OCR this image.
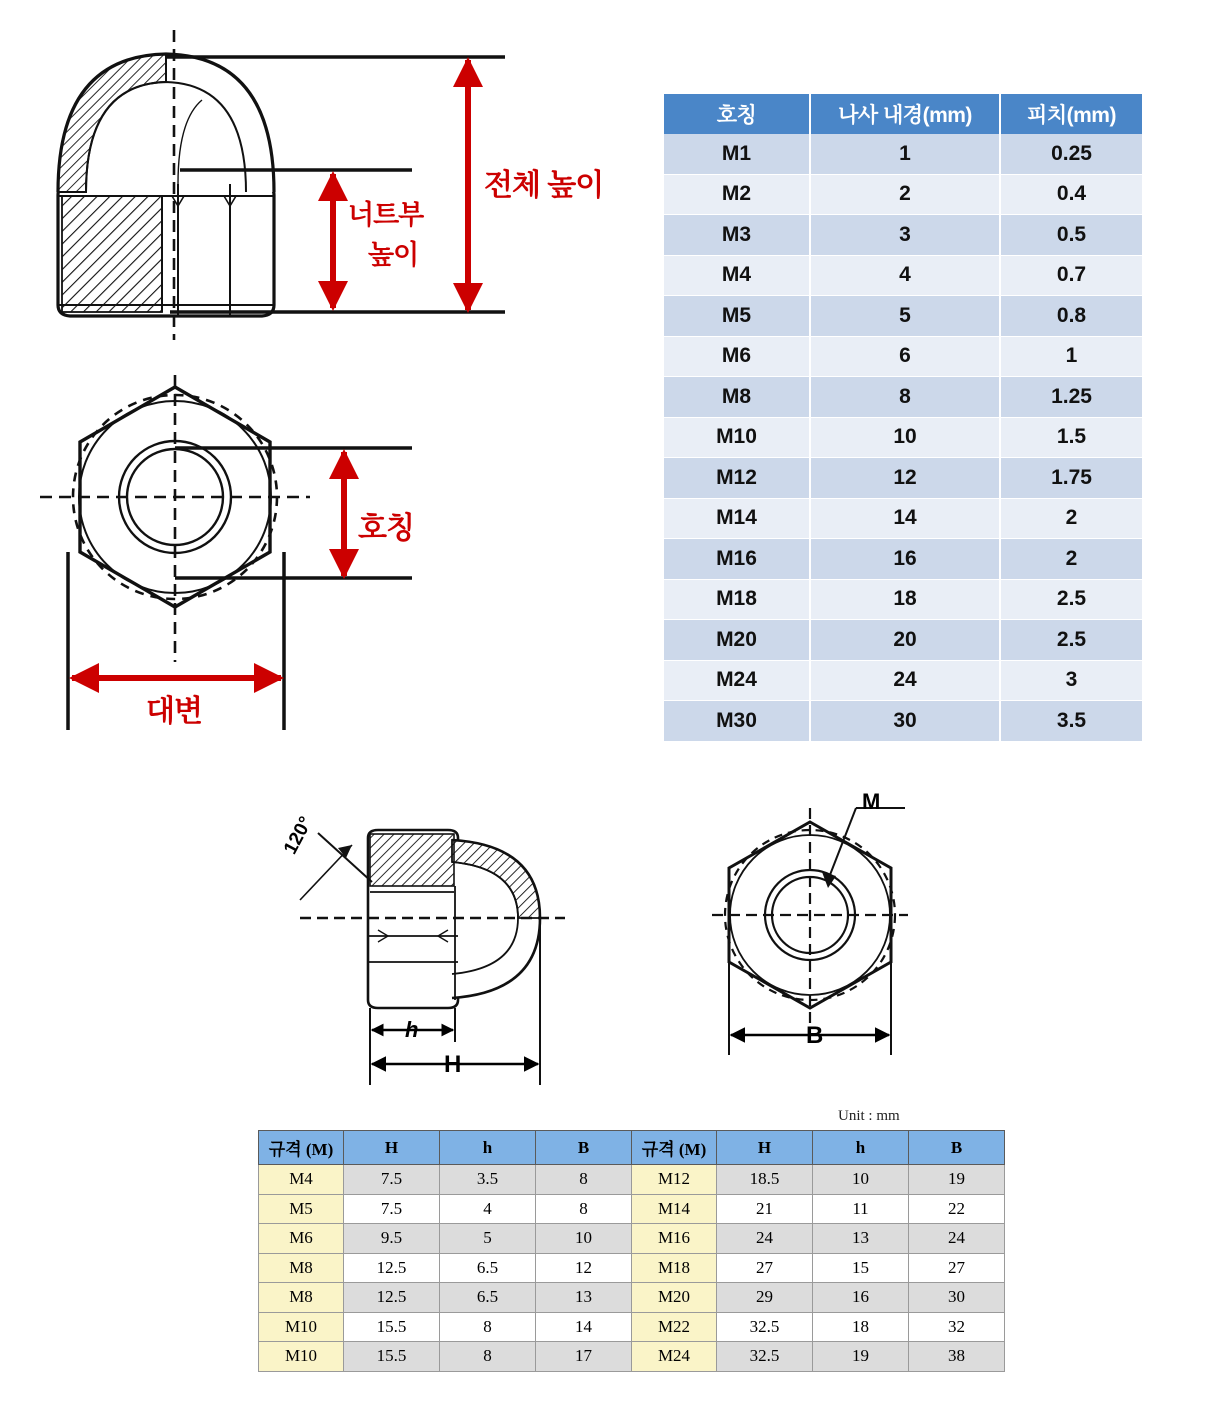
전체 높이
너트부
높이
호칭
대변
h
H
B
M
120°
호칭	나사 내경(mm)	피치(mm)
M1	1	0.25
M2	2	0.4
M3	3	0.5
M4	4	0.7
M5	5	0.8
M6	6	1
M8	8	1.25
M10	10	1.5
M12	12	1.75
M14	14	2
M16	16	2
M18	18	2.5
M20	20	2.5
M24	24	3
M30	30	3.5
Unit : mm
규격 (M)	H	h	B	규격 (M)	H	h	B
M4	7.5	3.5	8	M12	18.5	10	19
M5	7.5	4	8	M14	21	11	22
M6	9.5	5	10	M16	24	13	24
M8	12.5	6.5	12	M18	27	15	27
M8	12.5	6.5	13	M20	29	16	30
M10	15.5	8	14	M22	32.5	18	32
M10	15.5	8	17	M24	32.5	19	38
